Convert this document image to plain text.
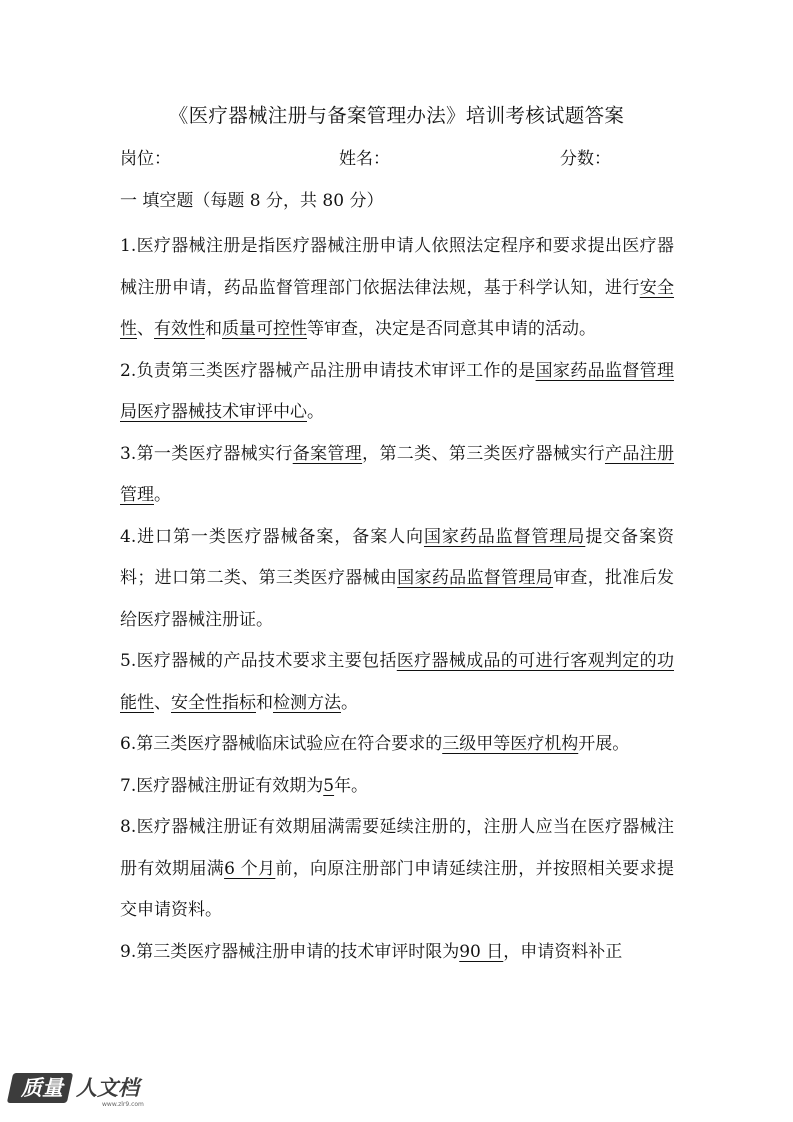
《医疗器械注册与备案管理办法》培训考核试题答案
岗位：	姓名：	分数：
一 填空题（每题 8 分，共 80 分）

1.医疗器械注册是指医疗器械注册申请人依照法定程序和要求提出医疗器械注册申请，药品监督管理部门依据法律法规，基于科学认知，进行安全性、有效性和质量可控性等审查，决定是否同意其申请的活动。

2.负责第三类医疗器械产品注册申请技术审评工作的是国家药品监督管理局医疗器械技术审评中心。

3.第一类医疗器械实行备案管理，第二类、第三类医疗器械实行产品注册管理。

4.进口第一类医疗器械备案，备案人向国家药品监督管理局提交备案资料；进口第二类、第三类医疗器械由国家药品监督管理局审查，批准后发给医疗器械注册证。

5.医疗器械的产品技术要求主要包括医疗器械成品的可进行客观判定的功能性、安全性指标和检测方法。

6.第三类医疗器械临床试验应在符合要求的三级甲等医疗机构开展。

7.医疗器械注册证有效期为5年。

8.医疗器械注册证有效期届满需要延续注册的，注册人应当在医疗器械注册有效期届满6 个月前，向原注册部门申请延续注册，并按照相关要求提交申请资料。

9.第三类医疗器械注册申请的技术审评时限为90 日，申请资料补正

质量 人文档
www.zlr9.com
